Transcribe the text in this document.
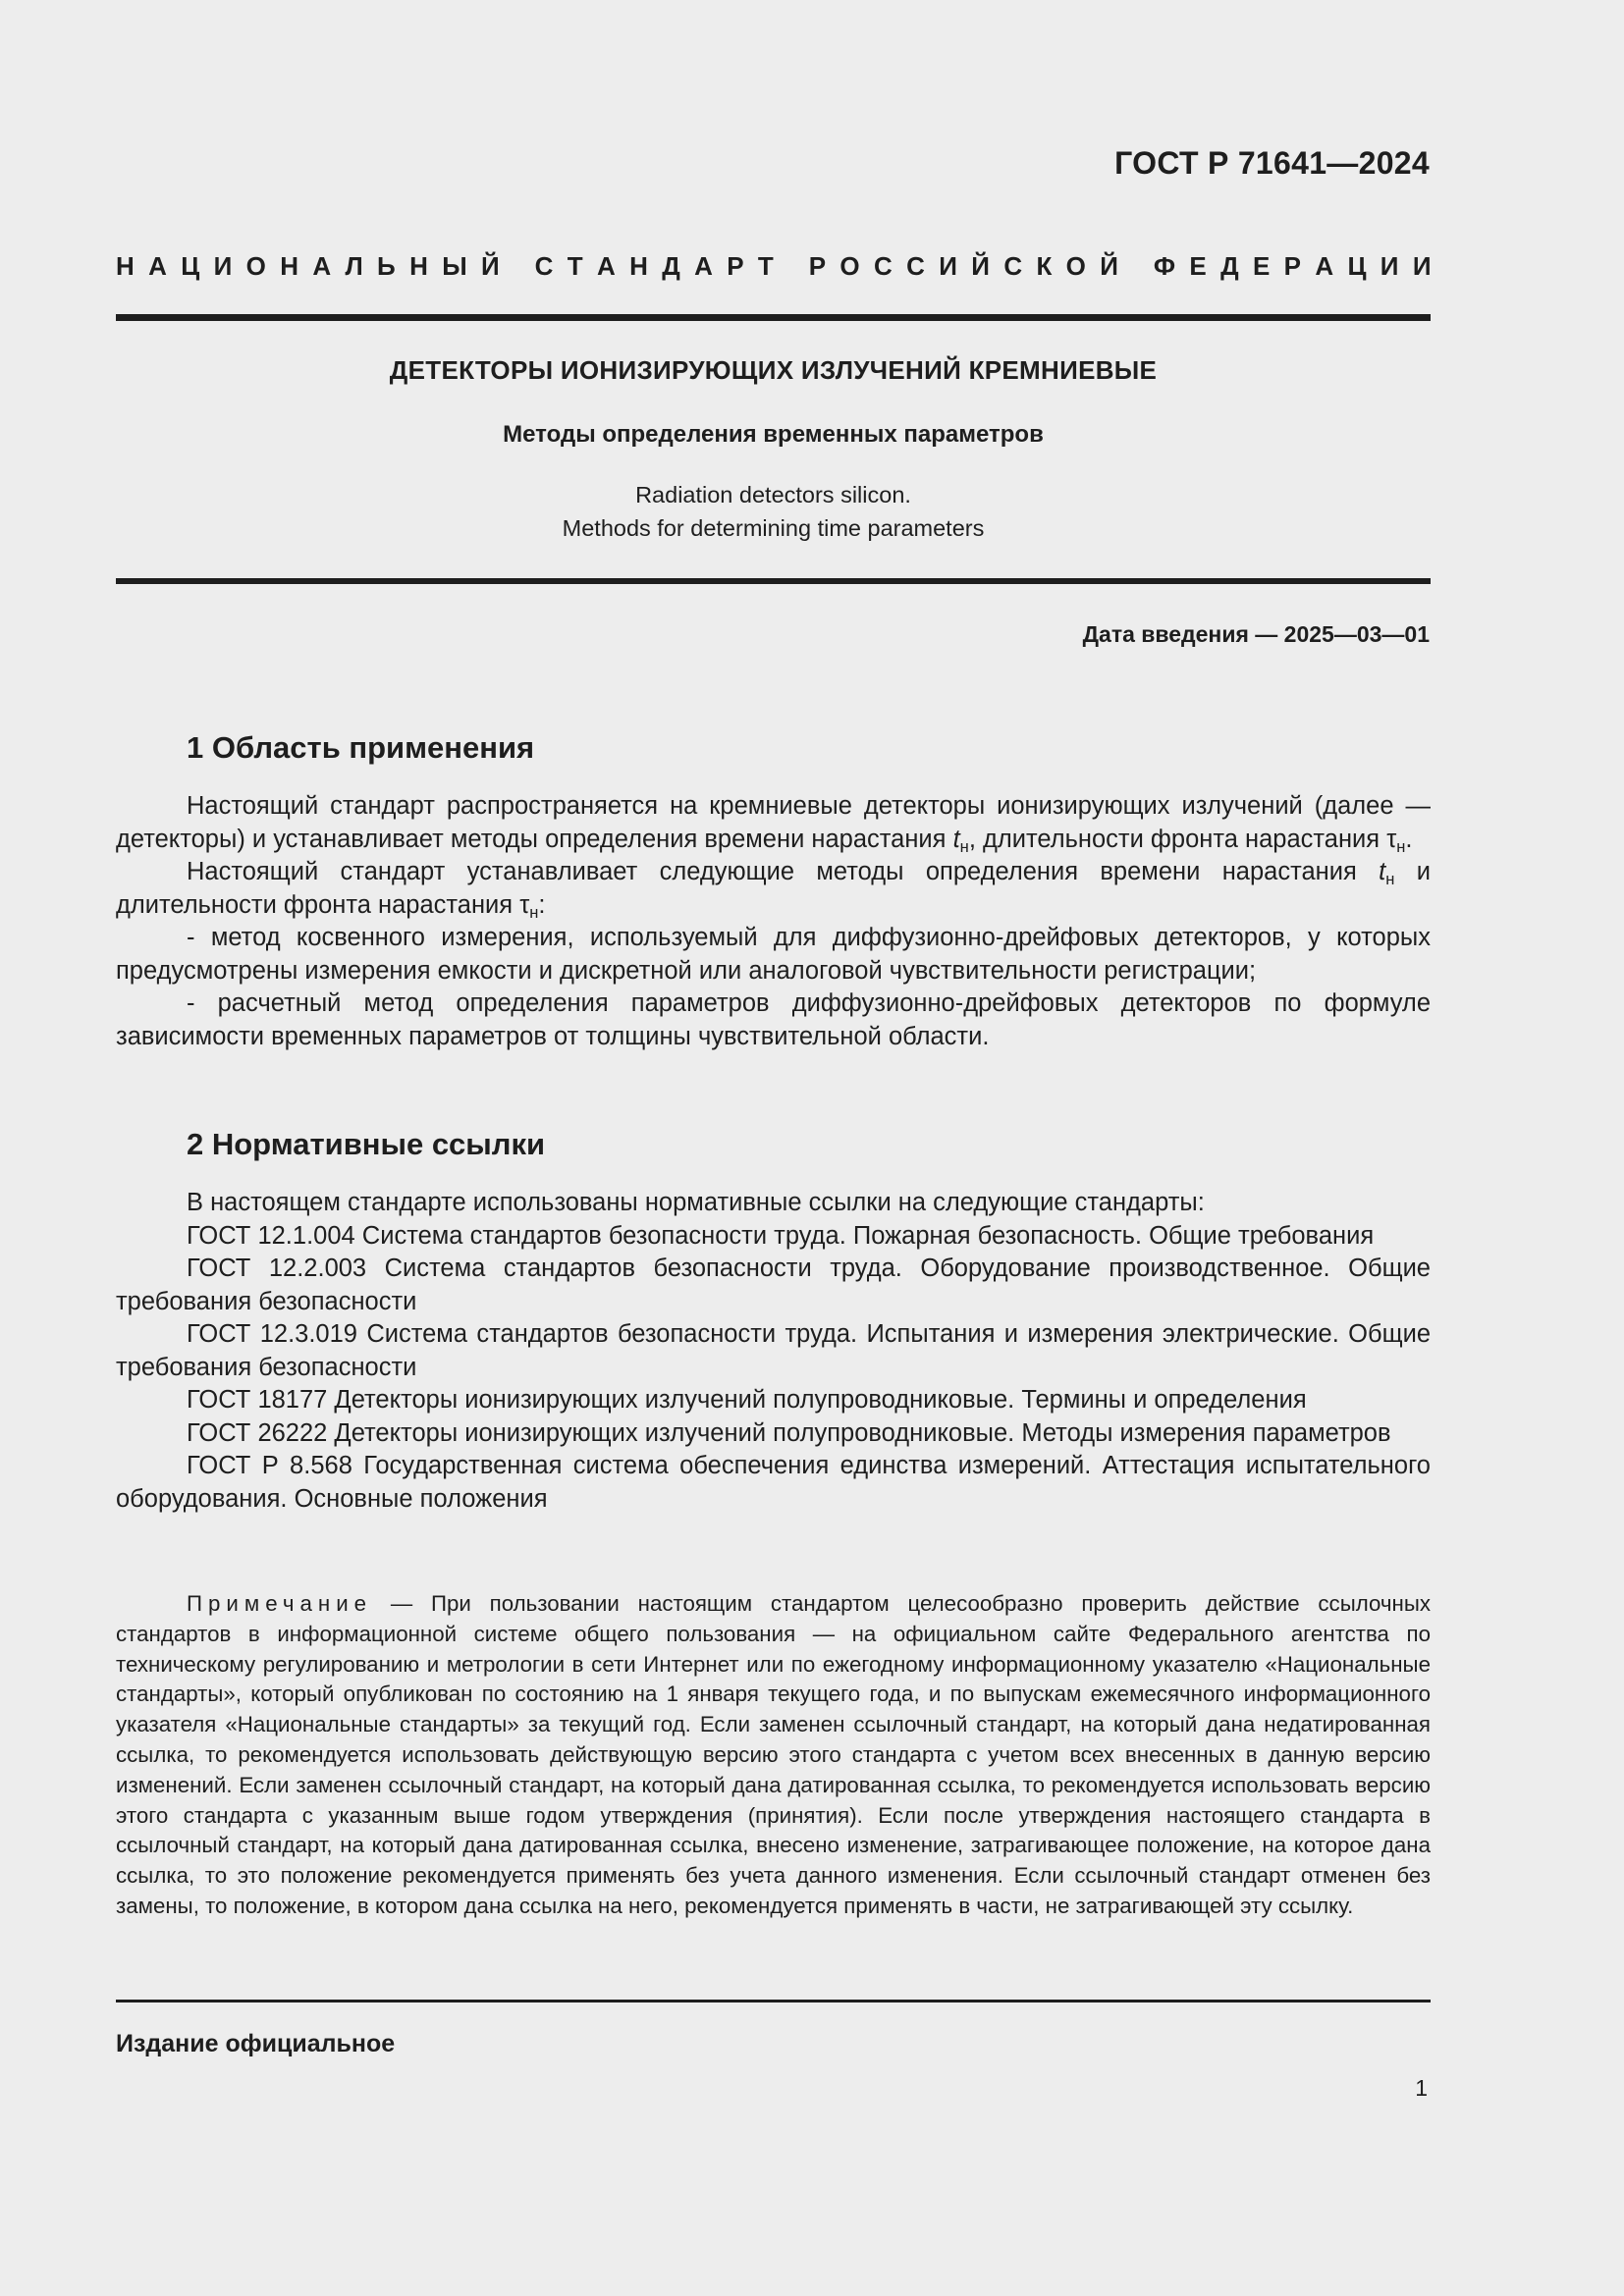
ГОСТ Р 71641—2024
Н А Ц И О Н А Л Ь Н Ы Й
С Т А Н Д А Р Т
Р О С С И Й С К О Й
Ф Е Д Е Р А Ц И И
ДЕТЕКТОРЫ ИОНИЗИРУЮЩИХ ИЗЛУЧЕНИЙ КРЕМНИЕВЫЕ
Методы определения временных параметров
Radiation detectors silicon.
Methods for determining time parameters
Дата введения — 2025—03—01
1 Область применения

Настоящий стандарт распространяется на кремниевые детекторы ионизирующих излучений (далее — детекторы) и устанавливает методы определения времени нарастания $t_н$, длительности фронта нарастания $\tau_н$.

Настоящий стандарт устанавливает следующие методы определения времени нарастания $t_н$ и длительности фронта нарастания $\tau_н$:

- метод косвенного измерения, используемый для диффузионно-дрейфовых детекторов, у которых предусмотрены измерения емкости и дискретной или аналоговой чувствительности регистрации;

- расчетный метод определения параметров диффузионно-дрейфовых детекторов по формуле зависимости временных параметров от толщины чувствительной области.

2 Нормативные ссылки

В настоящем стандарте использованы нормативные ссылки на следующие стандарты:

ГОСТ 12.1.004 Система стандартов безопасности труда. Пожарная безопасность. Общие требования

ГОСТ 12.2.003 Система стандартов безопасности труда. Оборудование производственное. Общие требования безопасности

ГОСТ 12.3.019 Система стандартов безопасности труда. Испытания и измерения электрические. Общие требования безопасности

ГОСТ 18177 Детекторы ионизирующих излучений полупроводниковые. Термины и определения

ГОСТ 26222 Детекторы ионизирующих излучений полупроводниковые. Методы измерения параметров

ГОСТ Р 8.568 Государственная система обеспечения единства измерений. Аттестация испытательного оборудования. Основные положения

Примечание — При пользовании настоящим стандартом целесообразно проверить действие ссылочных стандартов в информационной системе общего пользования — на официальном сайте Федерального агентства по техническому регулированию и метрологии в сети Интернет или по ежегодному информационному указателю «Национальные стандарты», который опубликован по состоянию на 1 января текущего года, и по выпускам ежемесячного информационного указателя «Национальные стандарты» за текущий год. Если заменен ссылочный стандарт, на который дана недатированная ссылка, то рекомендуется использовать действующую версию этого стандарта с учетом всех внесенных в данную версию изменений. Если заменен ссылочный стандарт, на который дана датированная ссылка, то рекомендуется использовать версию этого стандарта с указанным выше годом утверждения (принятия). Если после утверждения настоящего стандарта в ссылочный стандарт, на который дана датированная ссылка, внесено изменение, затрагивающее положение, на которое дана ссылка, то это положение рекомендуется применять без учета данного изменения. Если ссылочный стандарт отменен без замены, то положение, в котором дана ссылка на него, рекомендуется применять в части, не затрагивающей эту ссылку.

Издание официальное
1
